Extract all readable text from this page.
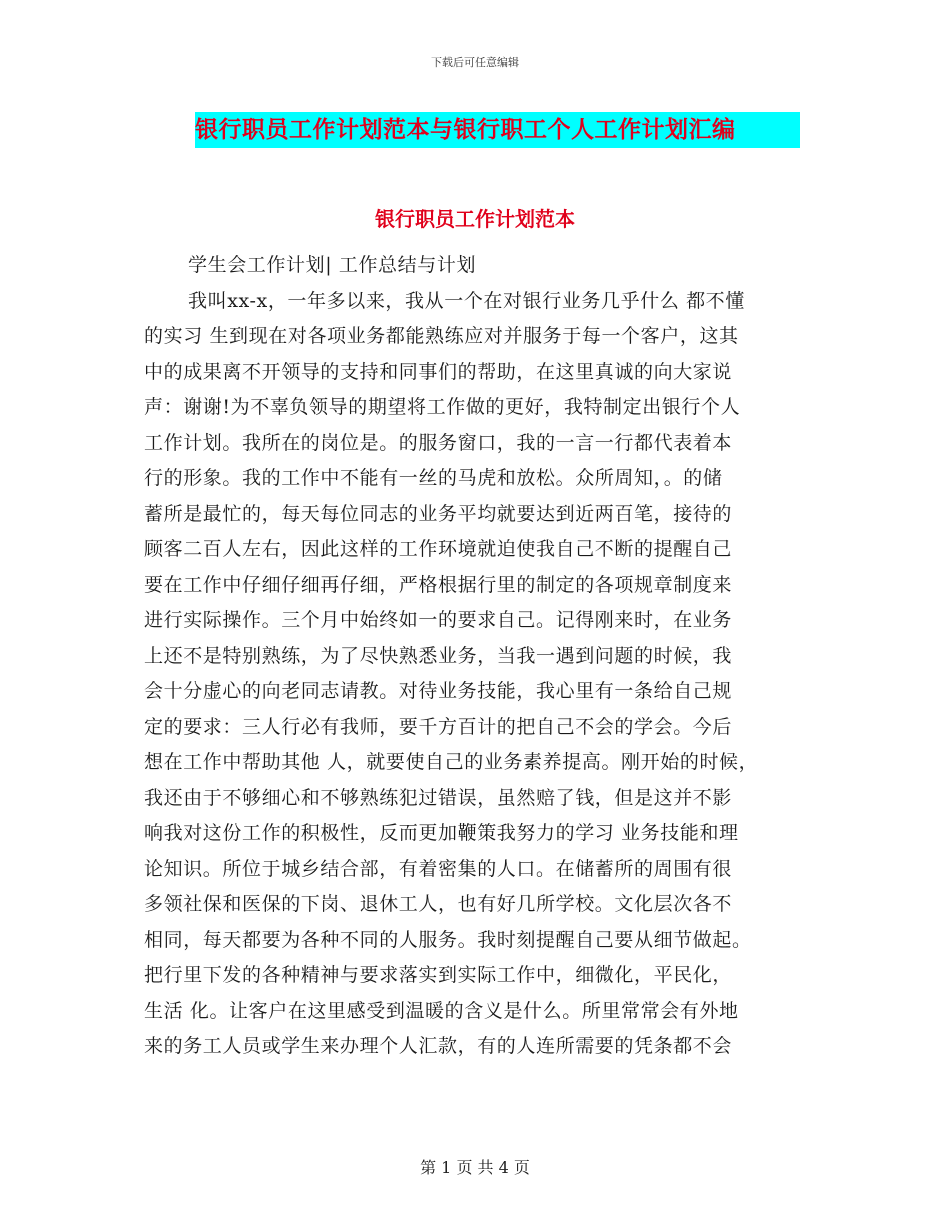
下载后可任意编辑
银行职员工作计划范本与银行职工个人工作计划汇编
银行职员工作计划范本
学生会工作计划| 工作总结与计划
我叫xx-x，一年多以来，我从一个在对银行业务几乎什么 都不懂
的实习 生到现在对各项业务都能熟练应对并服务于每一个客户，这其
中的成果离不开领导的支持和同事们的帮助，在这里真诚的向大家说
声：谢谢!为不辜负领导的期望将工作做的更好，我特制定出银行个人
工作计划。我所在的岗位是。的服务窗口，我的一言一行都代表着本
行的形象。我的工作中不能有一丝的马虎和放松。众所周知，。的储
蓄所是最忙的，每天每位同志的业务平均就要达到近两百笔，接待的
顾客二百人左右，因此这样的工作环境就迫使我自己不断的提醒自己
要在工作中仔细仔细再仔细，严格根据行里的制定的各项规章制度来
进行实际操作。三个月中始终如一的要求自己。记得刚来时，在业务
上还不是特别熟练，为了尽快熟悉业务，当我一遇到问题的时候，我
会十分虚心的向老同志请教。对待业务技能，我心里有一条给自己规
定的要求：三人行必有我师，要千方百计的把自己不会的学会。今后
想在工作中帮助其他 人，就要使自己的业务素养提高。刚开始的时候，
我还由于不够细心和不够熟练犯过错误，虽然赔了钱，但是这并不影
响我对这份工作的积极性，反而更加鞭策我努力的学习 业务技能和理
论知识。所位于城乡结合部，有着密集的人口。在储蓄所的周围有很
多领社保和医保的下岗、退休工人，也有好几所学校。文化层次各不
相同，每天都要为各种不同的人服务。我时刻提醒自己要从细节做起。
把行里下发的各种精神与要求落实到实际工作中，细微化，平民化，
生活 化。让客户在这里感受到温暖的含义是什么。所里常常会有外地
来的务工人员或学生来办理个人汇款，有的人连所需要的凭条都不会
第 1 页 共 4 页
